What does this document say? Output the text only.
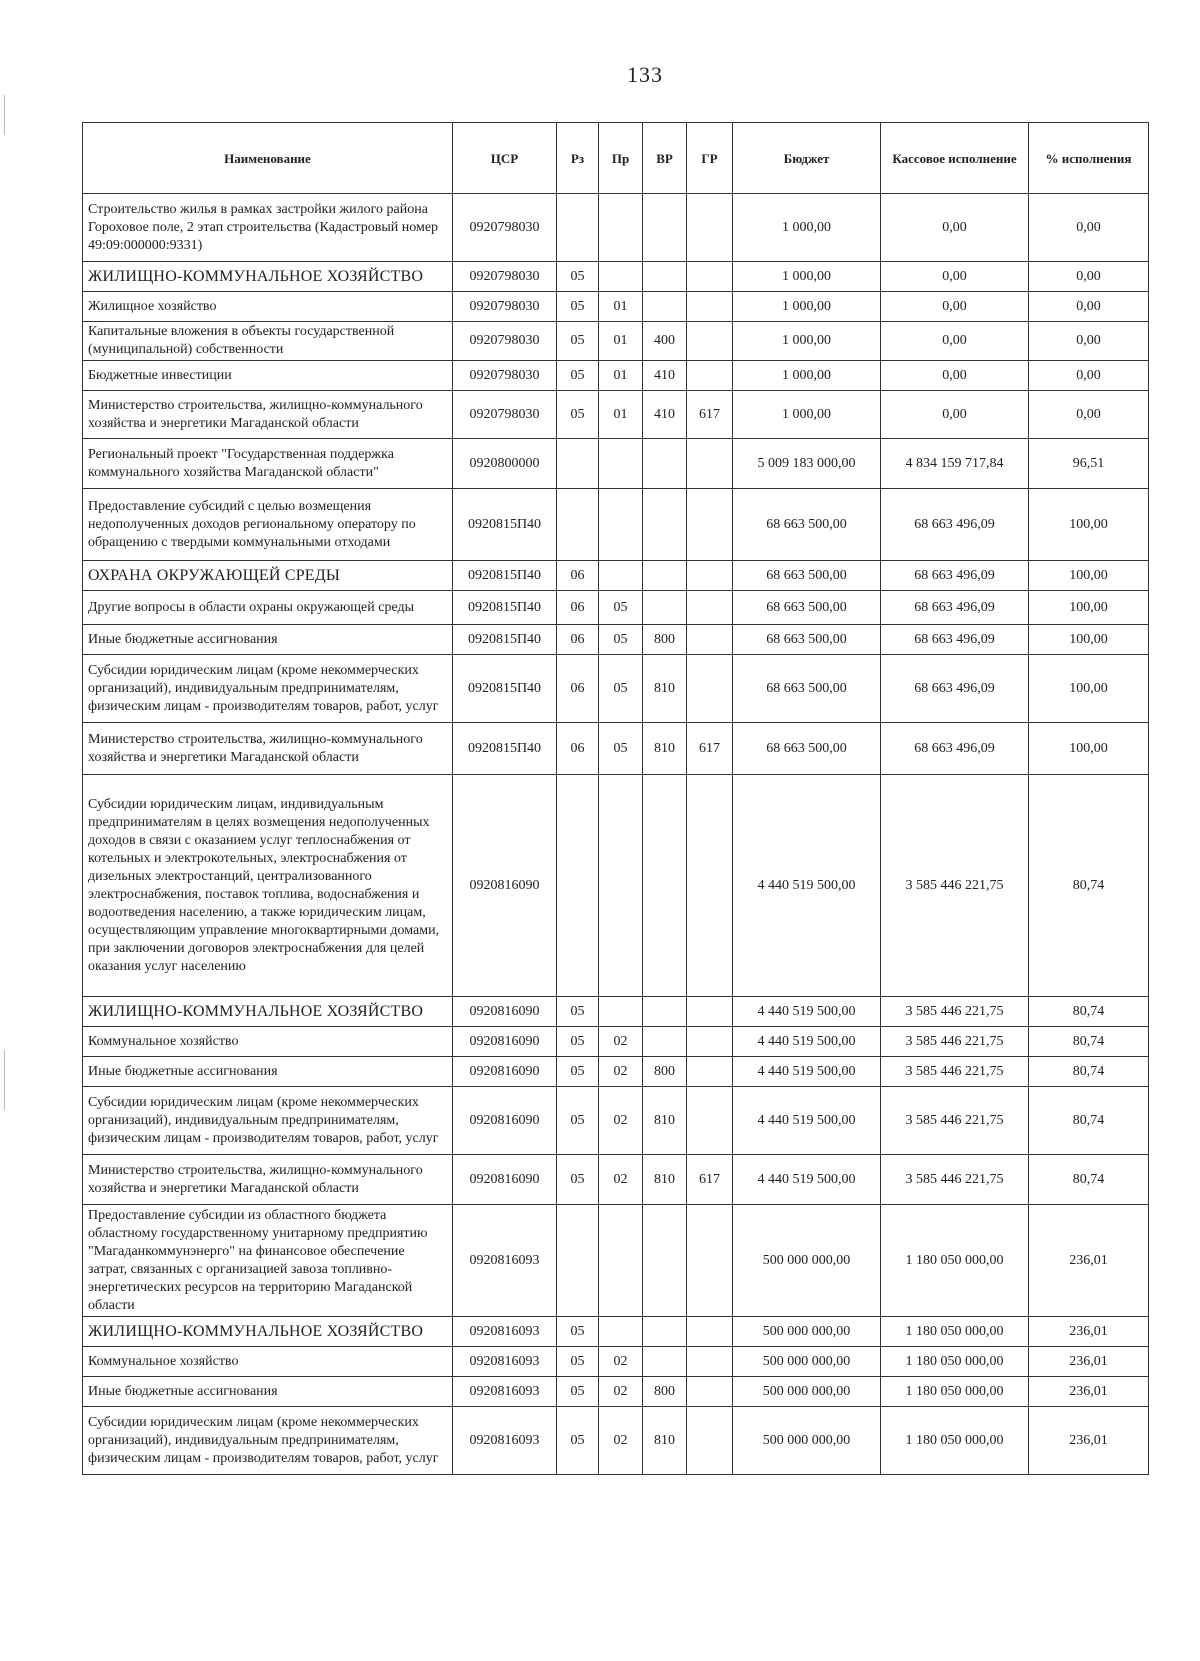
133
Наименование	ЦСР	Рз	Пр	ВР	ГР	Бюджет	Кассовое исполнение	% исполнения
Строительство жилья в рамках застройки жилого района Гороховое поле, 2 этап строительства (Кадастровый номер 49:09:000000:9331)	0920798030					1 000,00	0,00	0,00
ЖИЛИЩНО-КОММУНАЛЬНОЕ ХОЗЯЙСТВО	0920798030	05				1 000,00	0,00	0,00
Жилищное хозяйство	0920798030	05	01			1 000,00	0,00	0,00
Капитальные вложения в объекты государственной (муниципальной) собственности	0920798030	05	01	400		1 000,00	0,00	0,00
Бюджетные инвестиции	0920798030	05	01	410		1 000,00	0,00	0,00
Министерство строительства, жилищно-коммунального хозяйства и энергетики Магаданской области	0920798030	05	01	410	617	1 000,00	0,00	0,00
Региональный проект "Государственная поддержка коммунального хозяйства Магаданской области"	0920800000					5 009 183 000,00	4 834 159 717,84	96,51
Предоставление субсидий с целью возмещения недополученных доходов региональному оператору по обращению с твердыми коммунальными отходами	0920815П40					68 663 500,00	68 663 496,09	100,00
ОХРАНА ОКРУЖАЮЩЕЙ СРЕДЫ	0920815П40	06				68 663 500,00	68 663 496,09	100,00
Другие вопросы в области охраны окружающей среды	0920815П40	06	05			68 663 500,00	68 663 496,09	100,00
Иные бюджетные ассигнования	0920815П40	06	05	800		68 663 500,00	68 663 496,09	100,00
Субсидии юридическим лицам (кроме некоммерческих организаций), индивидуальным предпринимателям, физическим лицам - производителям товаров, работ, услуг	0920815П40	06	05	810		68 663 500,00	68 663 496,09	100,00
Министерство строительства, жилищно-коммунального хозяйства и энергетики Магаданской области	0920815П40	06	05	810	617	68 663 500,00	68 663 496,09	100,00
Субсидии юридическим лицам, индивидуальным предпринимателям в целях возмещения недополученных доходов в связи с оказанием услуг теплоснабжения от котельных и электрокотельных, электроснабжения от дизельных электростанций, централизованного электроснабжения, поставок топлива, водоснабжения и водоотведения населению, а также юридическим лицам, осуществляющим управление многоквартирными домами, при заключении договоров электроснабжения для целей оказания услуг населению	0920816090					4 440 519 500,00	3 585 446 221,75	80,74
ЖИЛИЩНО-КОММУНАЛЬНОЕ ХОЗЯЙСТВО	0920816090	05				4 440 519 500,00	3 585 446 221,75	80,74
Коммунальное хозяйство	0920816090	05	02			4 440 519 500,00	3 585 446 221,75	80,74
Иные бюджетные ассигнования	0920816090	05	02	800		4 440 519 500,00	3 585 446 221,75	80,74
Субсидии юридическим лицам (кроме некоммерческих организаций), индивидуальным предпринимателям, физическим лицам - производителям товаров, работ, услуг	0920816090	05	02	810		4 440 519 500,00	3 585 446 221,75	80,74
Министерство строительства, жилищно-коммунального хозяйства и энергетики Магаданской области	0920816090	05	02	810	617	4 440 519 500,00	3 585 446 221,75	80,74
Предоставление субсидии из областного бюджета областному государственному унитарному предприятию "Магаданкоммунэнерго" на финансовое обеспечение затрат, связанных с организацией завоза топливно-энергетических ресурсов на территорию Магаданской области	0920816093					500 000 000,00	1 180 050 000,00	236,01
ЖИЛИЩНО-КОММУНАЛЬНОЕ ХОЗЯЙСТВО	0920816093	05				500 000 000,00	1 180 050 000,00	236,01
Коммунальное хозяйство	0920816093	05	02			500 000 000,00	1 180 050 000,00	236,01
Иные бюджетные ассигнования	0920816093	05	02	800		500 000 000,00	1 180 050 000,00	236,01
Субсидии юридическим лицам (кроме некоммерческих организаций), индивидуальным предпринимателям, физическим лицам - производителям товаров, работ, услуг	0920816093	05	02	810		500 000 000,00	1 180 050 000,00	236,01
